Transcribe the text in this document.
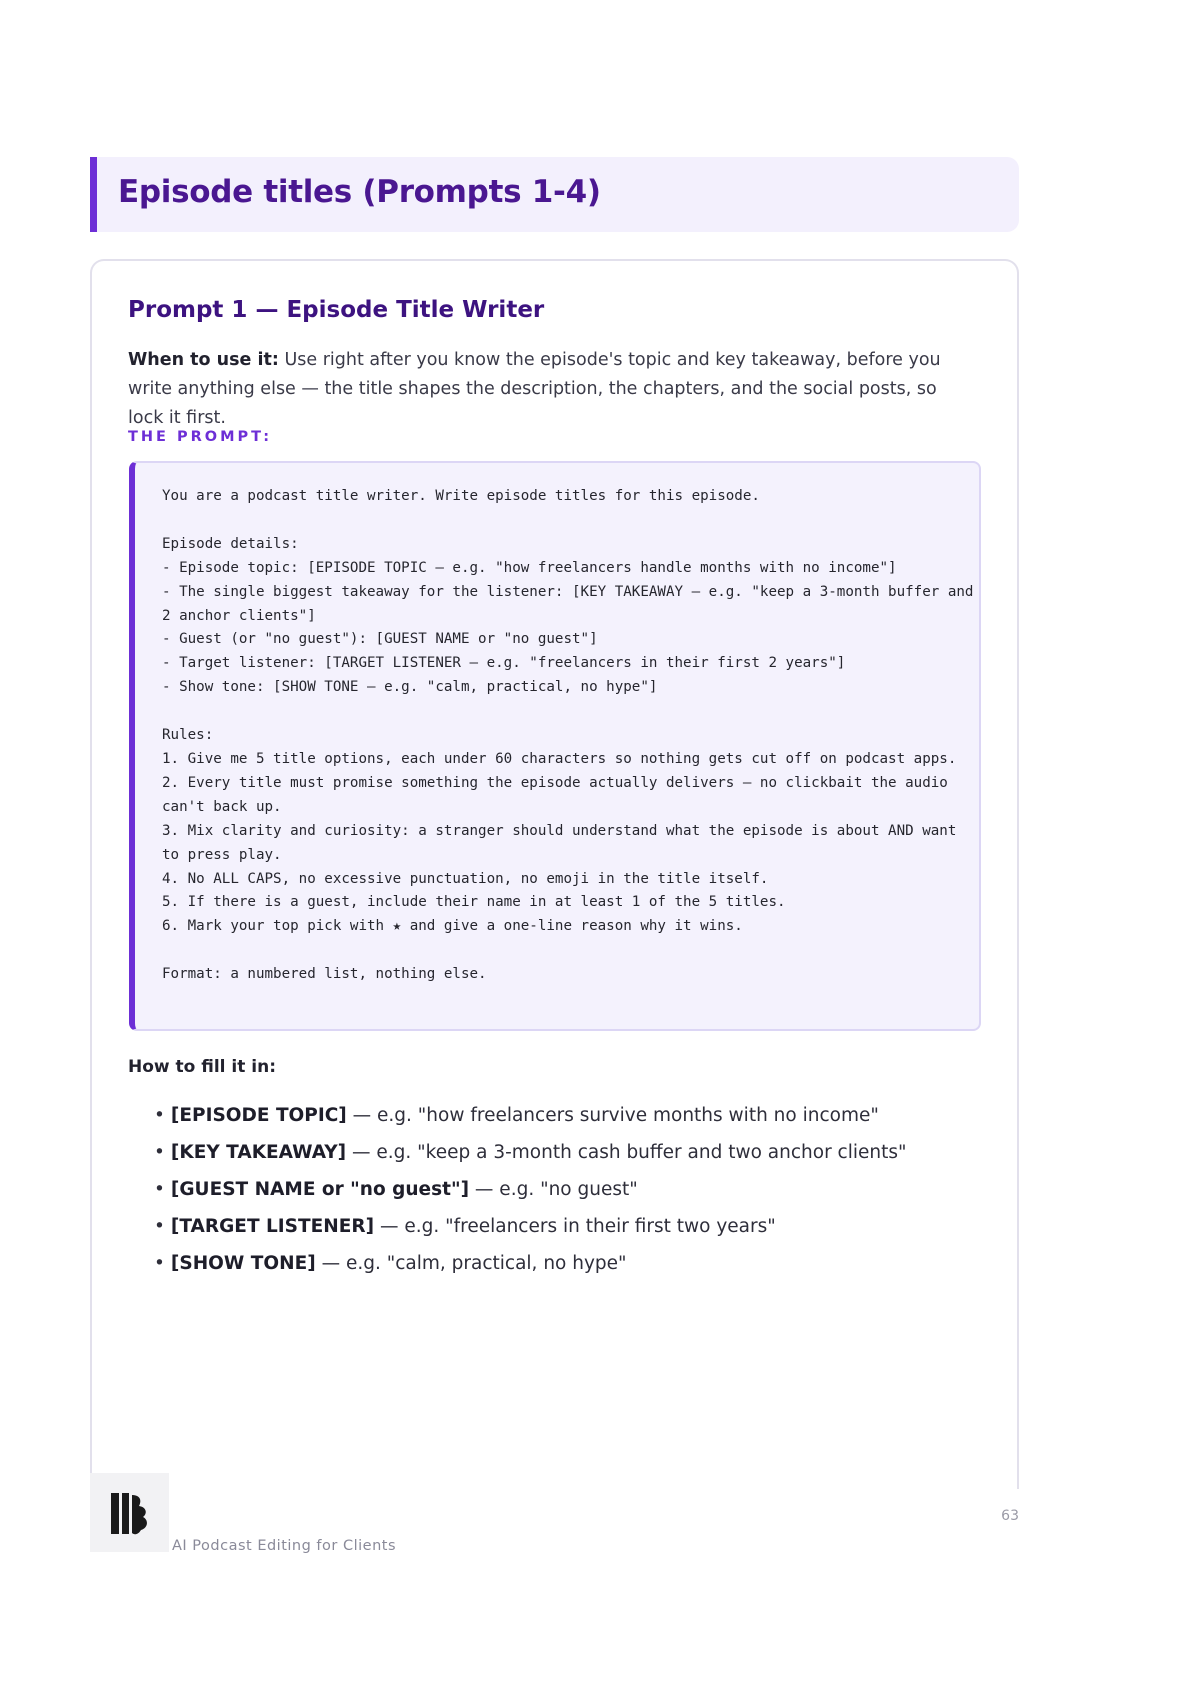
Episode titles (Prompts 1-4)
Prompt 1 — Episode Title Writer

When to use it: Use right after you know the episode's topic and key takeaway, before you write anything else — the title shapes the description, the chapters, and the social posts, so lock it first.

THE PROMPT:
You are a podcast title writer. Write episode titles for this episode.

Episode details:
- Episode topic: [EPISODE TOPIC — e.g. "how freelancers handle months with no income"]
- The single biggest takeaway for the listener: [KEY TAKEAWAY — e.g. "keep a 3-month buffer and 2 anchor clients"]
- Guest (or "no guest"): [GUEST NAME or "no guest"]
- Target listener: [TARGET LISTENER — e.g. "freelancers in their first 2 years"]
- Show tone: [SHOW TONE — e.g. "calm, practical, no hype"]

Rules:
1. Give me 5 title options, each under 60 characters so nothing gets cut off on podcast apps.
2. Every title must promise something the episode actually delivers — no clickbait the audio can't back up.
3. Mix clarity and curiosity: a stranger should understand what the episode is about AND want to press play.
4. No ALL CAPS, no excessive punctuation, no emoji in the title itself.
5. If there is a guest, include their name in at least 1 of the 5 titles.
6. Mark your top pick with ★ and give a one-line reason why it wins.

Format: a numbered list, nothing else.
How to fill it in:
• [EPISODE TOPIC] — e.g. "how freelancers survive months with no income"
• [KEY TAKEAWAY] — e.g. "keep a 3-month cash buffer and two anchor clients"
• [GUEST NAME or "no guest"] — e.g. "no guest"
• [TARGET LISTENER] — e.g. "freelancers in their first two years"
• [SHOW TONE] — e.g. "calm, practical, no hype"
AI Podcast Editing for Clients
63
